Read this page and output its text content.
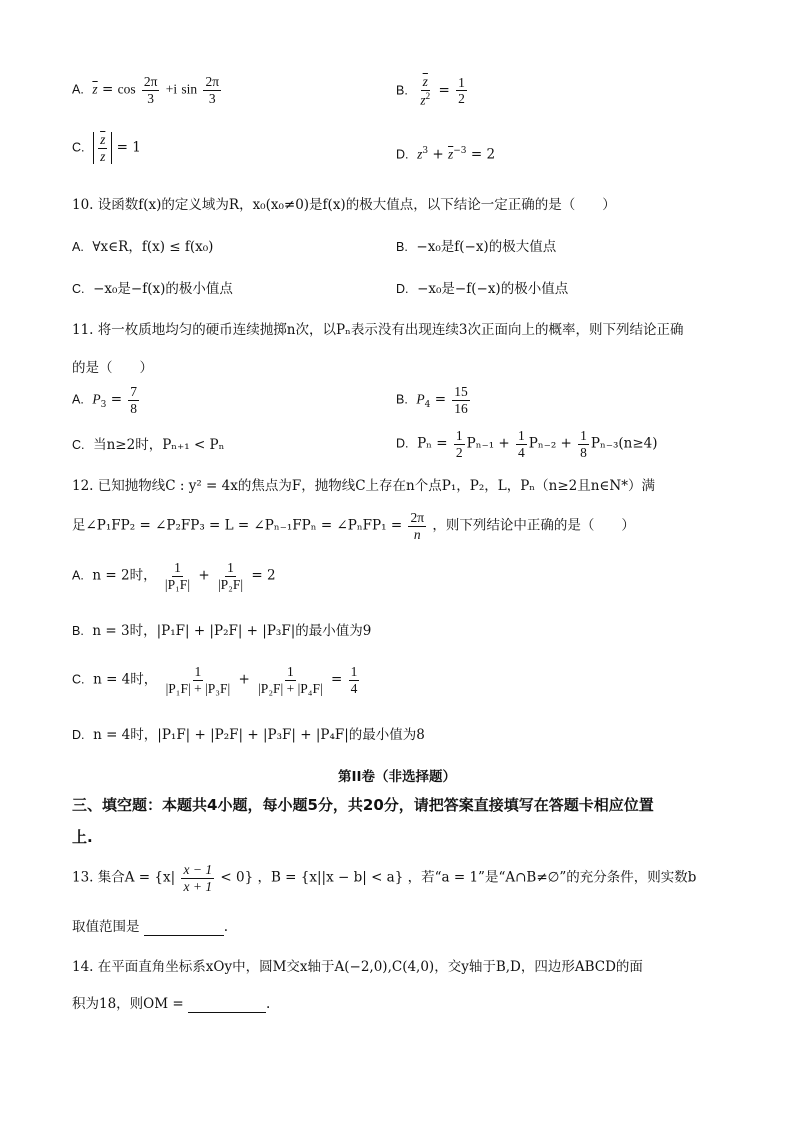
A. $\overline{z} = \cos \frac{2\pi}{3} +i$ $\sin \frac{2\pi}{3}$	B. $\frac{\overline{z}}{z^2} = \frac{1}{2}$
C. $\frac{\overline{z}}{z} = 1$	D. $z^3 + \overline{z}^{-3} = 2$
10. 设函数f(x)的定义域为R，x₀(x₀≠0)是f(x)的极大值点，以下结论一定正确的是（　　）
A. ∀x∈R，f(x) ≤ f(x₀)	B. −x₀是f(−x)的极大值点
C. −x₀是−f(x)的极小值点	D. −x₀是−f(−x)的极小值点
11. 将一枚质地均匀的硬币连续抛掷n次，以Pₙ表示没有出现连续3次正面向上的概率，则下列结论正确
的是（　　）
A. $P_3 = \frac{7}{8}$	B. $P_4 = \frac{15}{16}$
C. 当n≥2时，Pₙ₊₁ < Pₙ	D. $P_n = \frac{1}{2} P_{n-1} + \frac{1}{4} P_{n-2} + \frac{1}{8} P_{n-3}(n\ge 4)$
12. 已知抛物线C : y² = 4x的焦点为F，抛物线C上存在n个点P₁，P₂，L，Pₙ（n≥2且n∈N*）满
足∠P₁FP₂ = ∠P₂FP₃ = L = ∠Pₙ₋₁FPₙ = ∠PₙFP₁ = $\frac{2\pi}{n}$ ，则下列结论中正确的是（　　）
A. n = 2时， $\frac{1}{\text{|P₁F|}} + \frac{1}{\text{|P₂F|}} = 2$
B. n = 3时，|P₁F| + |P₂F| + |P₃F|的最小值为9
C. n = 4时， $\frac{1}{\text{|P₁F| + |P₃F|}} + \frac{1}{\text{|P₂F| + |P₄F|}} = \frac{1}{4}$
D. n = 4时，|P₁F| + |P₂F| + |P₃F| + |P₄F|的最小值为8
第II卷（非选择题）
三、填空题：本题共4小题，每小题5分，共20分，请把答案直接填写在答题卡相应位置
上.
13. 集合$A = \{x| \frac{x - 1}{x + 1} < 0\}$ ，B = {x||x − b| < a} ，若“a = 1”是“A∩B≠∅”的充分条件，则实数b
取值范围是	.
14. 在平面直角坐标系xOy中，圆M交x轴于A(−2,0),C(4,0)，交y轴于B,D，四边形ABCD的面
积为18，则OM =	.
